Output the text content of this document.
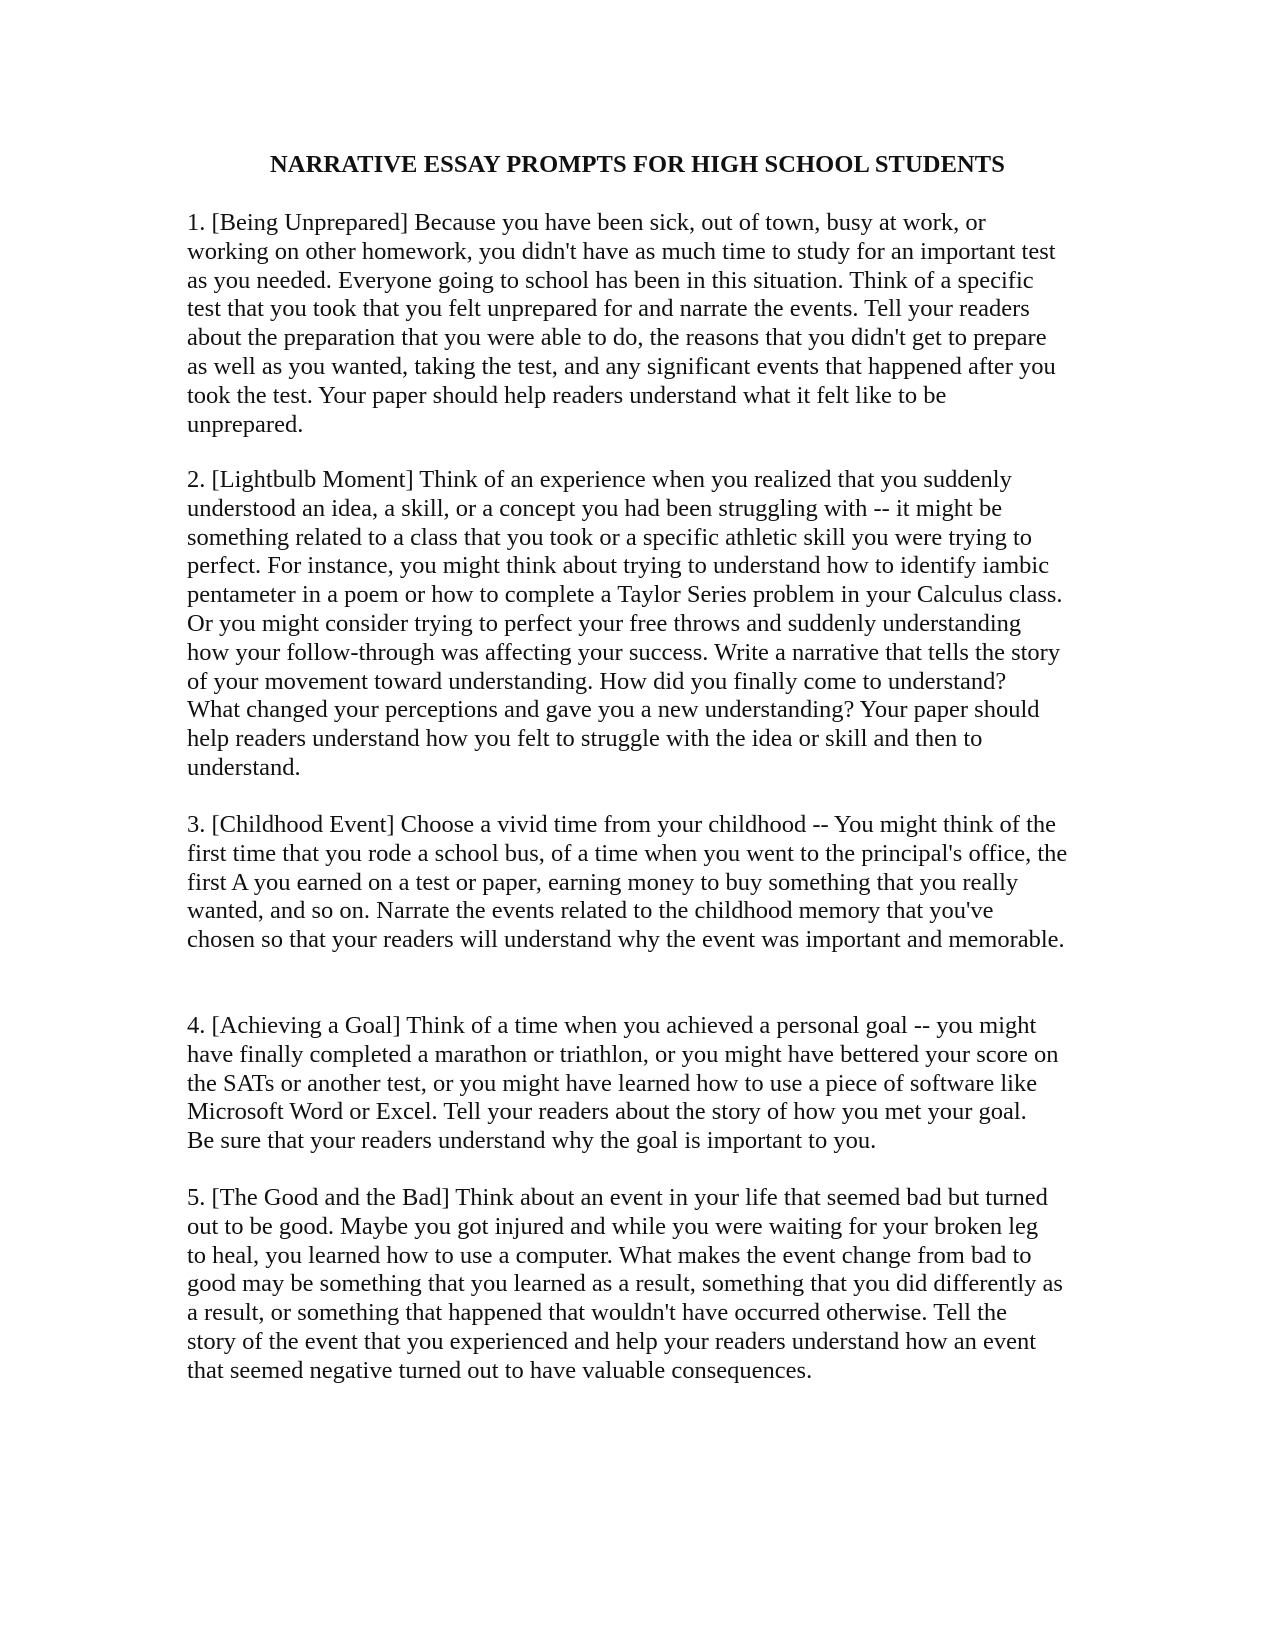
NARRATIVE ESSAY PROMPTS FOR HIGH SCHOOL STUDENTS
1. [Being Unprepared] Because you have been sick, out of town, busy at work, or
working on other homework, you didn't have as much time to study for an important test
as you needed. Everyone going to school has been in this situation. Think of a specific
test that you took that you felt unprepared for and narrate the events. Tell your readers
about the preparation that you were able to do, the reasons that you didn't get to prepare
as well as you wanted, taking the test, and any significant events that happened after you
took the test. Your paper should help readers understand what it felt like to be
unprepared.
2. [Lightbulb Moment] Think of an experience when you realized that you suddenly
understood an idea, a skill, or a concept you had been struggling with -- it might be
something related to a class that you took or a specific athletic skill you were trying to
perfect. For instance, you might think about trying to understand how to identify iambic
pentameter in a poem or how to complete a Taylor Series problem in your Calculus class.
Or you might consider trying to perfect your free throws and suddenly understanding
how your follow-through was affecting your success. Write a narrative that tells the story
of your movement toward understanding. How did you finally come to understand?
What changed your perceptions and gave you a new understanding? Your paper should
help readers understand how you felt to struggle with the idea or skill and then to
understand.
3. [Childhood Event] Choose a vivid time from your childhood -- You might think of the
first time that you rode a school bus, of a time when you went to the principal's office, the
first A you earned on a test or paper, earning money to buy something that you really
wanted, and so on. Narrate the events related to the childhood memory that you've
chosen so that your readers will understand why the event was important and memorable.
4. [Achieving a Goal] Think of a time when you achieved a personal goal -- you might
have finally completed a marathon or triathlon, or you might have bettered your score on
the SATs or another test, or you might have learned how to use a piece of software like
Microsoft Word or Excel. Tell your readers about the story of how you met your goal.
Be sure that your readers understand why the goal is important to you.
5. [The Good and the Bad] Think about an event in your life that seemed bad but turned
out to be good. Maybe you got injured and while you were waiting for your broken leg
to heal, you learned how to use a computer. What makes the event change from bad to
good may be something that you learned as a result, something that you did differently as
a result, or something that happened that wouldn't have occurred otherwise. Tell the
story of the event that you experienced and help your readers understand how an event
that seemed negative turned out to have valuable consequences.
